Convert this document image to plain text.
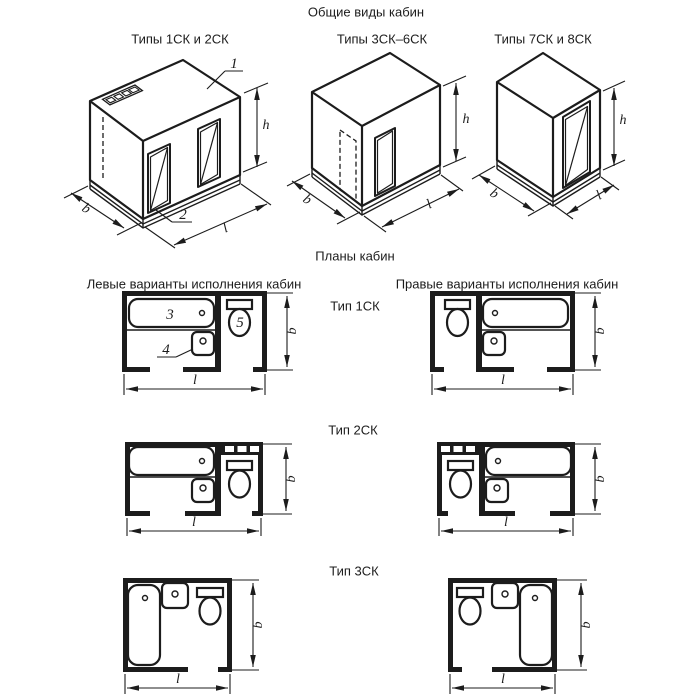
Общие виды кабин
Типы 1СК и 2СК	Типы 3СК–6СК	Типы 7СК и 8СК
Планы кабин
Левые варианты исполнения кабин	Правые варианты исполнения кабин
Тип 1СК
Тип 2СК
Тип 3СК
1
2
b
l
h
b	l
h
b	l
h
3
4
5	b
l
b
l
b
l
b
l
b
l
b
l
